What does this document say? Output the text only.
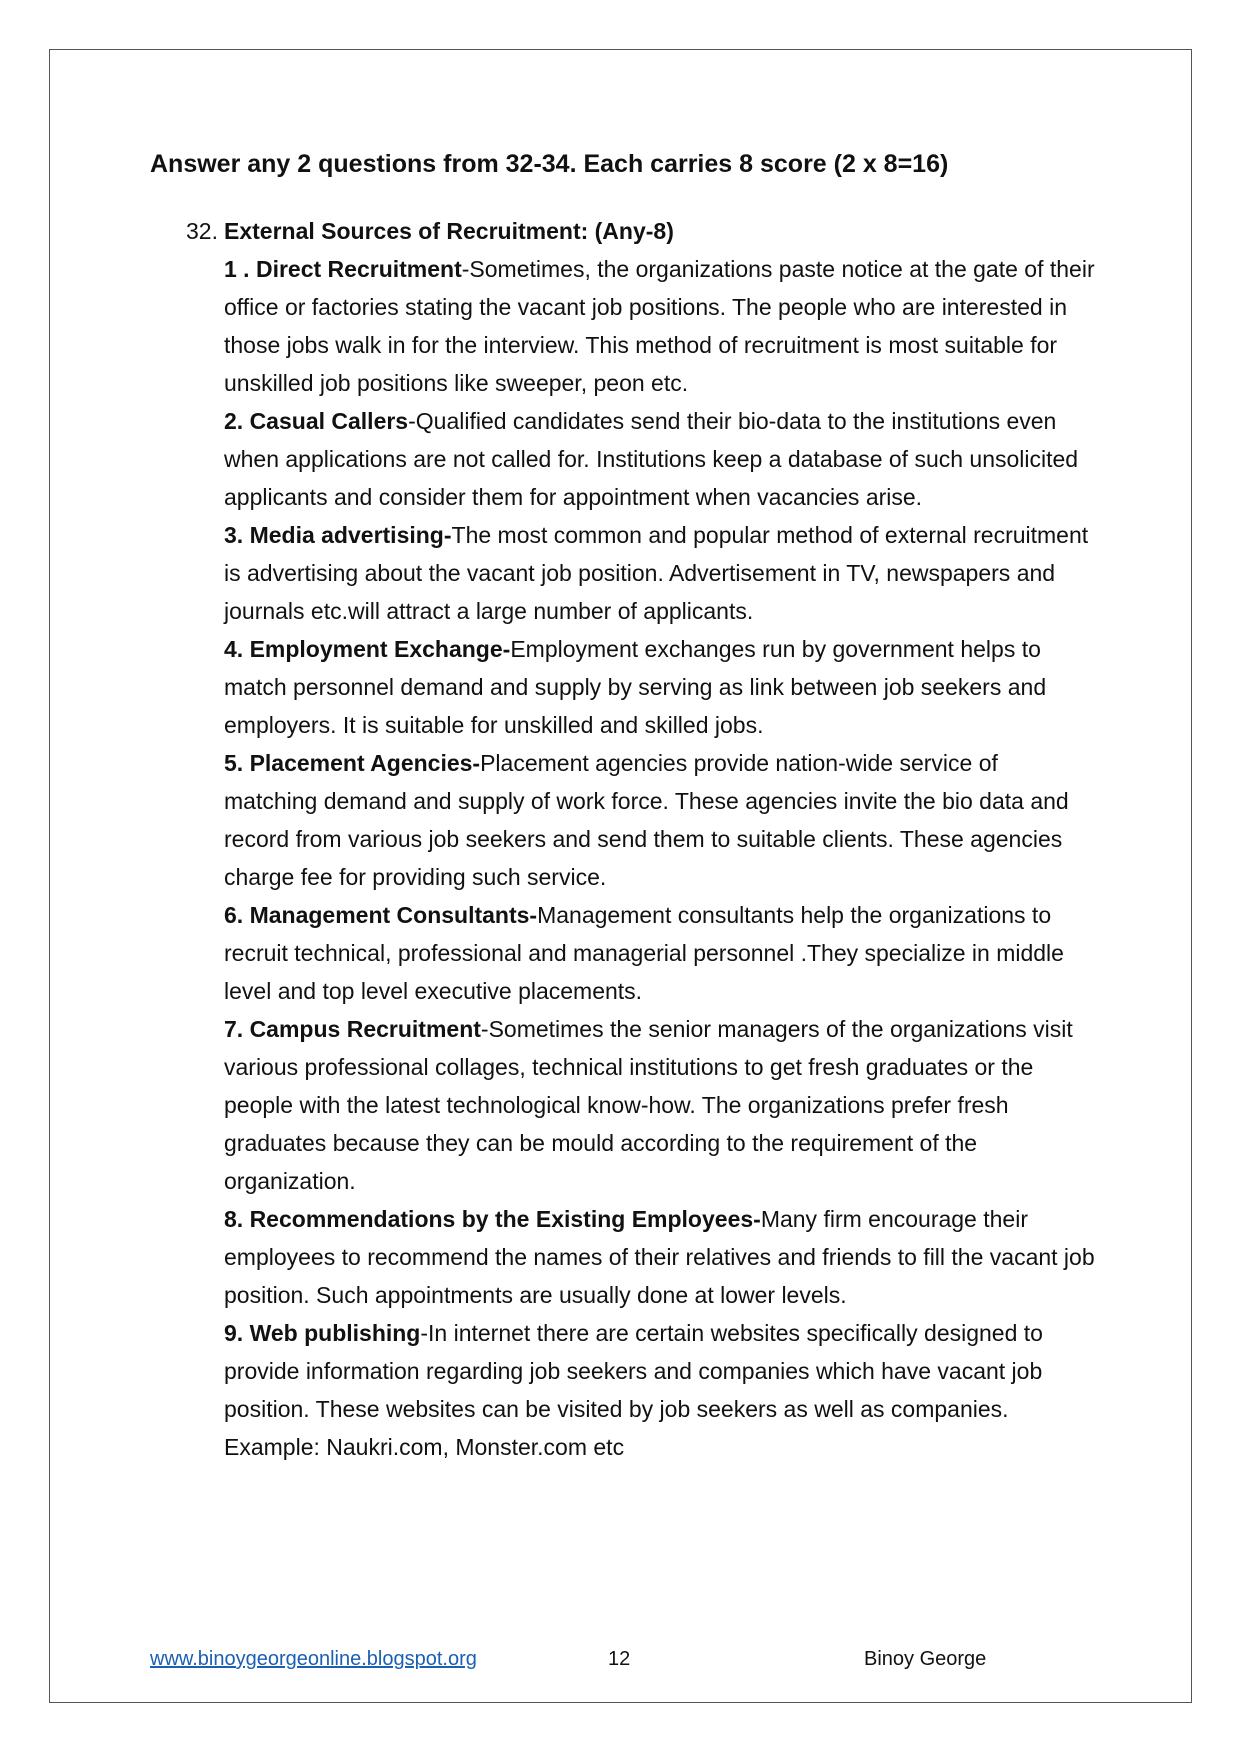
Answer any 2 questions from 32-34. Each carries 8 score (2 x 8=16)
32. External Sources of Recruitment: (Any-8)
1 . Direct Recruitment-Sometimes, the organizations paste notice at the gate of their office or factories stating the vacant job positions. The people who are interested in those jobs walk in for the interview. This method of recruitment is most suitable for unskilled job positions like sweeper, peon etc.
2. Casual Callers-Qualified candidates send their bio-data to the institutions even when applications are not called for. Institutions keep a database of such unsolicited applicants and consider them for appointment when vacancies arise.
3. Media advertising-The most common and popular method of external recruitment is advertising about the vacant job position. Advertisement in TV, newspapers and journals etc.will attract a large number of applicants.
4. Employment Exchange-Employment exchanges run by government helps to match personnel demand and supply by serving as link between job seekers and employers. It is suitable for unskilled and skilled jobs.
5. Placement Agencies-Placement agencies provide nation-wide service of matching demand and supply of work force. These agencies invite the bio data and record from various job seekers and send them to suitable clients. These agencies charge fee for providing such service.
6. Management Consultants-Management consultants help the organizations to recruit technical, professional and managerial personnel .They specialize in middle level and top level executive placements.
7. Campus Recruitment-Sometimes the senior managers of the organizations visit various professional collages, technical institutions to get fresh graduates or the people with the latest technological know-how. The organizations prefer fresh graduates because they can be mould according to the requirement of the organization.
8. Recommendations by the Existing Employees-Many firm encourage their employees to recommend the names of their relatives and friends to fill the vacant job position. Such appointments are usually done at lower levels.
9. Web publishing-In internet there are certain websites specifically designed to provide information regarding job seekers and companies which have vacant job position. These websites can be visited by job seekers as well as companies. Example: Naukri.com, Monster.com etc
www.binoygeorgeonline.blogspot.org	12	Binoy George
